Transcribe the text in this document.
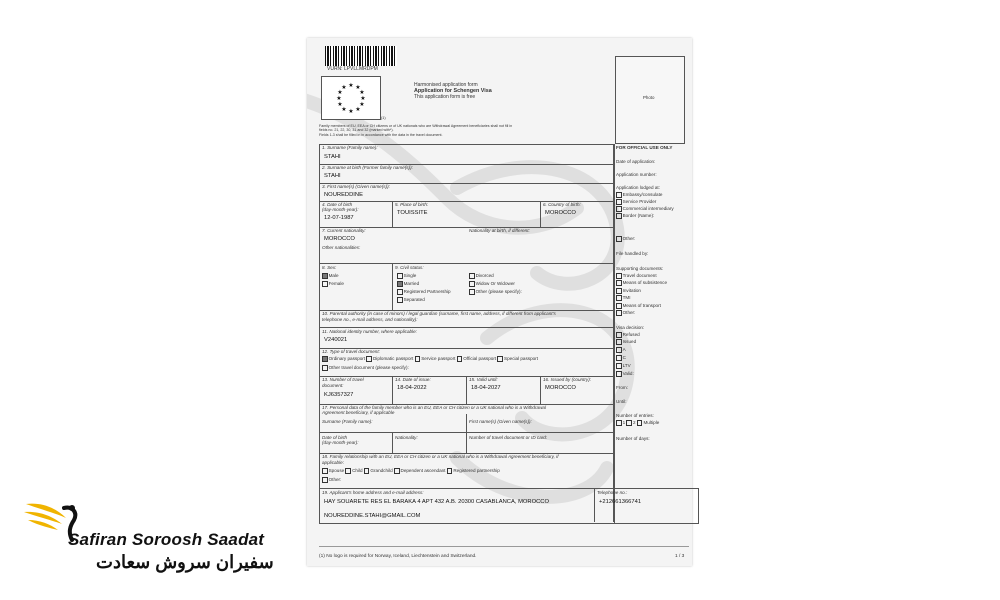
VURN: LPVLLMRDPM
★ ★
★
★
★
★
★
★
★
★
★
★
(1)
Harmonised application form
Application for Schengen Visa
This application form is free
Family members of EU, EEA or CH citizens or of UK nationals who are Withdrawal Agreement beneficiaries shall not fill in
fields no. 21, 22, 30, 31 and 32 (marked with*).
Fields 1-3 shall be filled in in accordance with the data in the travel document.
Photo
1. Surname (Family name):
STAHI
2. Surname at birth (Former family name(s)):
STAHI
3. First name(s) (Given name(s)):
NOUREDDINE
4. Date of birth
(day-month-year):
12-07-1987
5. Place of birth:
TOUISSITE
6. Country of birth:
MOROCCO
7. Current nationality:
MOROCCO
Nationality at birth, if different:
Other nationalities:
8. Sex:
Male
Female
9. Civil status:
Single
Married
Registered Partnership
Separated
Divorced
Widow Or Widower
Other (please specify):
10. Parental authority (in case of minors) / legal guardian (surname, first name, address, if different from applicant's
telephone no., e-mail address, and nationality):
11. National identity number, where applicable:
V240021
12. Type of travel document:
Ordinary passport Diplomatic passport Service passport Official passport Special passport
Other travel document (please specify):
13. Number of travel
document:
KJ6357327
14. Date of issue:
18-04-2022
15. Valid until:
18-04-2027
16. Issued by (country):
MOROCCO
17. Personal data of the family member who is an EU, EEA or CH citizen or a UK national who is a Withdrawal
Agreement beneficiary, if applicable
Surname (Family name):	First name(s) (Given name(s)):
Date of birth
(day-month-year):
Nationality:	Number of travel document or ID card:
18. Family relationship with an EU, EEA or CH citizen or a UK national who is a Withdrawal Agreement beneficiary, if
applicable:
Spouse Child Grandchild Dependent ascendant Registered partnership
Other:
19. Applicant's home address and e-mail address:
HAY SOUARETE RES EL BARAKA 4 APT 432 A.B. 20300 CASABLANCA, MOROCCO
NOUREDDINE.STAHI@GMAIL.COM
Telephone no.:
+212661366741
FOR OFFICIAL USE ONLY
Date of application:
Application number:
Application lodged at:
Embassy/consulate
Service Provider
Commercial intermediary
Border (Name):
Other:
File handled by:
Supporting documents:
Travel document
Means of subsistence
Invitation
TMI
Means of transport
Other:
Visa decision:
Refused
Issued
A
C
LTV
Valid:
From:
Until:
Number of entries:
1 2 Multiple
Number of days:
(1) No logo is required for Norway, Iceland, Liechtenstein and Switzerland.	1 / 3
Safiran Soroosh Saadat
سفیران سروش سعادت
